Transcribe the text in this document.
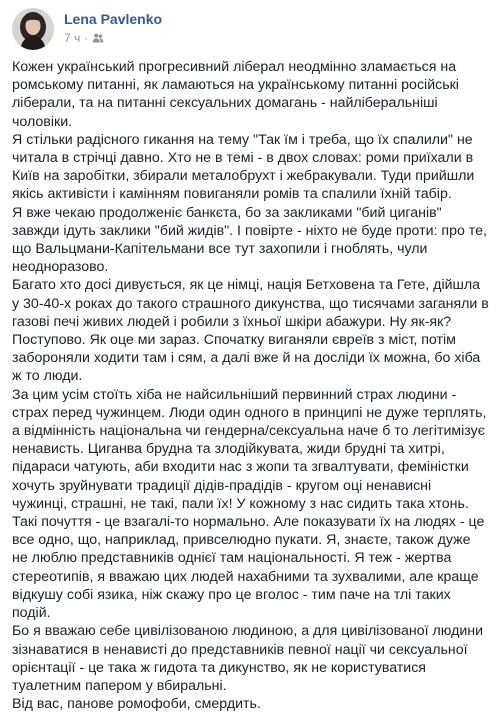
Lena Pavlenko
7 ч ·

Кожен український прогресивний ліберал неодмінно зламається на ромському питанні, як ламаються на українському питанні російські ліберали, та на питанні сексуальних домагань - найліберальніші чоловіки.

Я стільки радісного гикання на тему "Так їм і треба, що їх спалили" не читала в стрічці давно. Хто не в темі - в двох словах: роми приїхали в Київ на заробітки, збирали металобрухт і жебракували. Туди прийшли якісь активісти і камінням повиганяли ромів та спалили їхній табір.

Я вже чекаю продолженіє банкєта, бо за закликами "бий циганів" завжди ідуть заклики "бий жидів". І повірте - ніхто не буде проти: про те, що Вальцмани-Капітельмани все тут захопили і гноблять, чули неодноразово.

Багато хто досі дивується, як це німці, нація Бетховена та Гете, дійшла у 30-40-х роках до такого страшного дикунства, що тисячами заганяли в газові печі живих людей і робили з їхньої шкіри абажури. Ну як-як? Поступово. Як оце ми зараз. Спочатку виганяли євреїв з міст, потім забороняли ходити там і сям, а далі вже й на досліди їх можна, бо хіба ж то люди.

За цим усім стоїть хіба не найсильніший первинний страх людини - страх перед чужинцем. Люди один одного в принципі не дуже терплять, а відмінність національна чи гендерна/сексуальна наче б то легітимізує ненависть. Циганва брудна та злодійкувата, жиди брудні та хитрі, підараси чатують, аби входити нас з жопи та згвалтувати, феміністки хочуть зруйнувати традиції дідів-прадідів - кругом oці ненависні чужинці, страшні, не такі, пали їх! У кожному з нас сидить така хтонь.

Такі почуття - це взагалі-то нормально. Але показувати їх на людях - це все одно, що, наприклад, привселюдно пукати. Я, знаєте, також дуже не люблю представників однієї там національності. Я теж - жертва стереотипів, я вважаю цих людей нахабними та зухвалими, але краще відкушу собі язика, ніж скажу про це вголос - тим паче на тлі таких подій.

Бо я вважаю себе цивілізованою людиною, а для цивілізованої людини зізнаватися в ненависті до представників певної нації чи сексуальної орієнтації - це така ж гидота та дикунство, як не користуватися туалетним папером у вбиральні.

Від вас, панове ромофоби, смердить.
